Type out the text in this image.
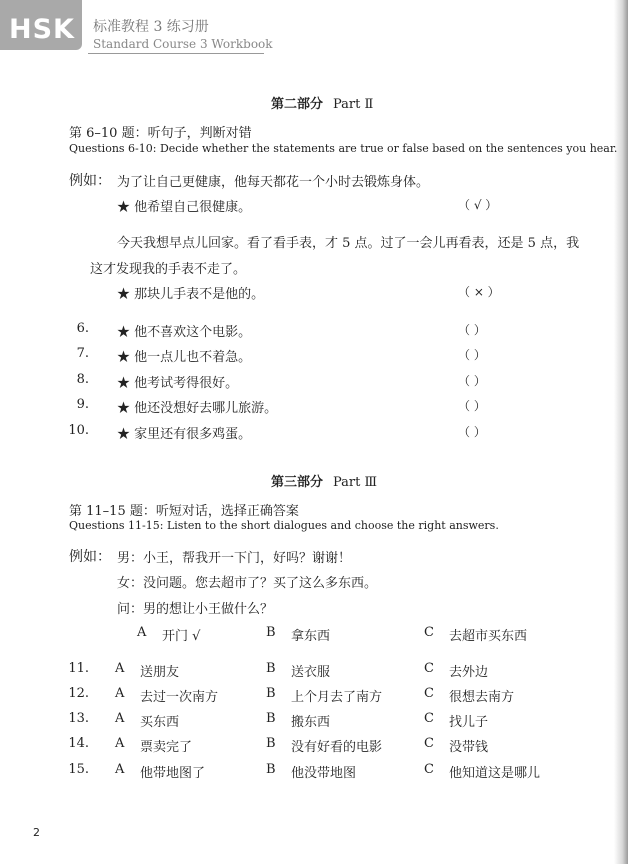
HSK 标准教程 3 练习册
Standard Course 3 Workbook
第二部分 Part Ⅱ
第 6–10 题：听句子，判断对错
Questions 6-10: Decide whether the statements are true or false based on the sentences you hear.
例如： 为了让自己更健康，他每天都花一个小时去锻炼身体。
★ 他希望自己很健康。	（ √ ）
今天我想早点儿回家。看了看手表，才 5 点。过了一会儿再看表，还是 5 点，我
这才发现我的手表不走了。
★ 那块儿手表不是他的。	（ × ）
6. ★ 他不喜欢这个电影。	（ ）
7. ★ 他一点儿也不着急。	（ ）
8. ★ 他考试考得很好。	（ ）
9. ★ 他还没想好去哪儿旅游。	（ ）
10. ★ 家里还有很多鸡蛋。	（ ）
第三部分 Part Ⅲ
第 11–15 题：听短对话，选择正确答案
Questions 11-15: Listen to the short dialogues and choose the right answers.
例如： 男：小王，帮我开一下门，好吗？谢谢！
女：没问题。您去超市了？买了这么多东西。
问：男的想让小王做什么？
A 开门 √	B 拿东西	C 去超市买东西
11. A 送朋友	B 送衣服	C 去外边
12. A 去过一次南方	B 上个月去了南方	C 很想去南方
13. A 买东西	B 搬东西	C 找儿子
14. A 票卖完了	B 没有好看的电影	C 没带钱
15. A 他带地图了	B 他没带地图	C 他知道这是哪儿
2
